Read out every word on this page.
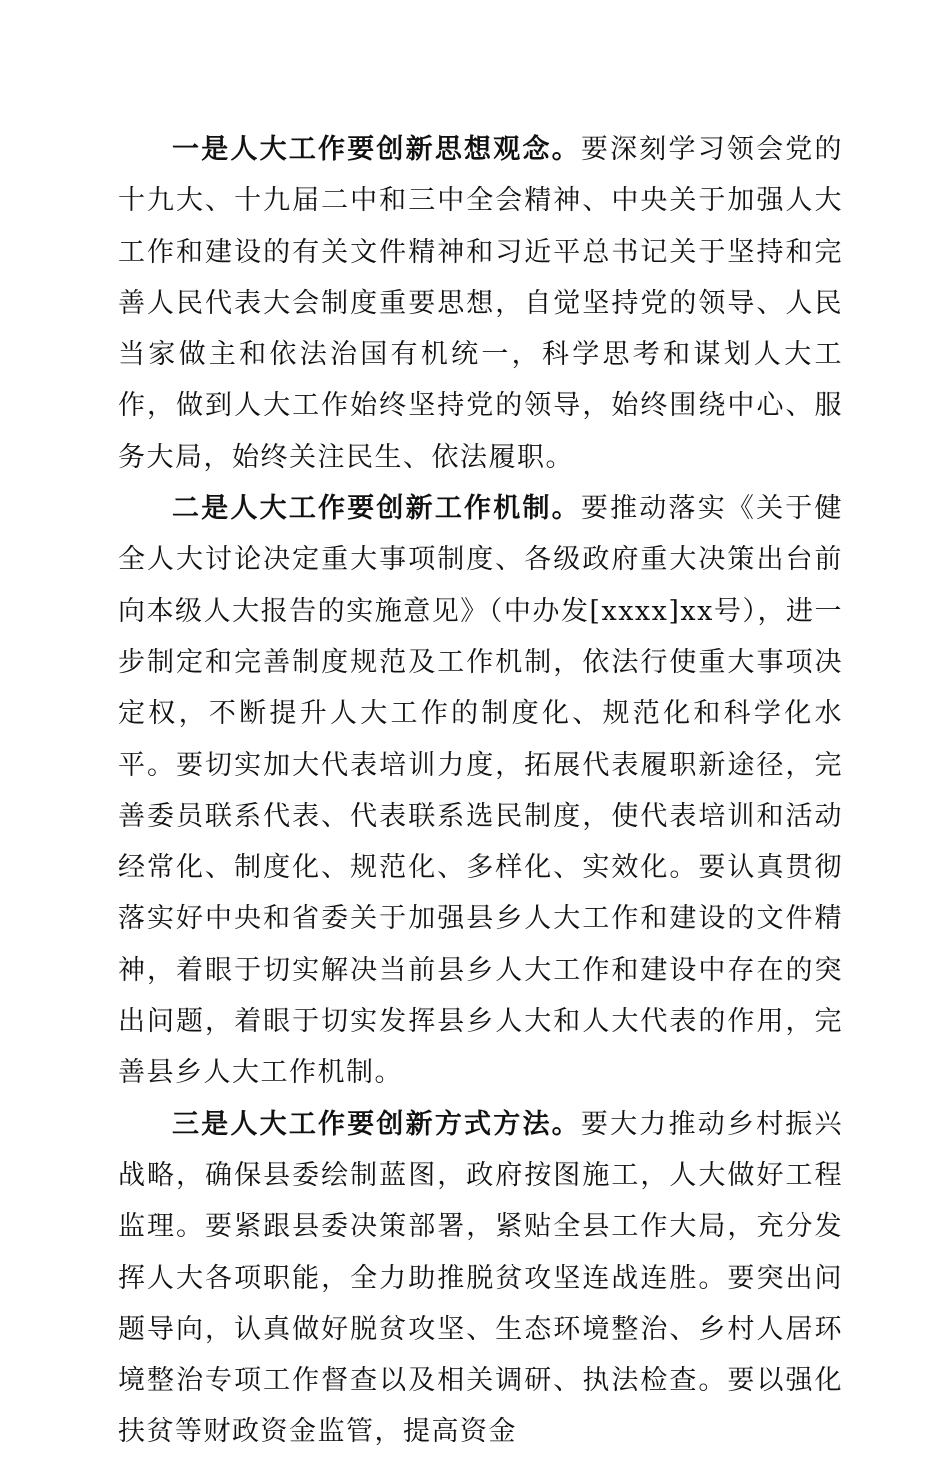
一是人大工作要创新思想观念。要深刻学习领会党的十九大、十九届二中和三中全会精神、中央关于加强人大工作和建设的有关文件精神和习近平总书记关于坚持和完善人民代表大会制度重要思想，自觉坚持党的领导、人民当家做主和依法治国有机统一，科学思考和谋划人大工作，做到人大工作始终坚持党的领导，始终围绕中心、服务大局，始终关注民生、依法履职。

二是人大工作要创新工作机制。要推动落实《关于健全人大讨论决定重大事项制度、各级政府重大决策出台前向本级人大报告的实施意见》（中办发[xxxx]xx号），进一步制定和完善制度规范及工作机制，依法行使重大事项决定权，不断提升人大工作的制度化、规范化和科学化水平。要切实加大代表培训力度，拓展代表履职新途径，完善委员联系代表、代表联系选民制度，使代表培训和活动经常化、制度化、规范化、多样化、实效化。要认真贯彻落实好中央和省委关于加强县乡人大工作和建设的文件精神，着眼于切实解决当前县乡人大工作和建设中存在的突出问题，着眼于切实发挥县乡人大和人大代表的作用，完善县乡人大工作机制。

三是人大工作要创新方式方法。要大力推动乡村振兴战略，确保县委绘制蓝图，政府按图施工，人大做好工程监理。要紧跟县委决策部署，紧贴全县工作大局，充分发挥人大各项职能，全力助推脱贫攻坚连战连胜。要突出问题导向，认真做好脱贫攻坚、生态环境整治、乡村人居环境整治专项工作督查以及相关调研、执法检查。要以强化扶贫等财政资金监管，提高资金
